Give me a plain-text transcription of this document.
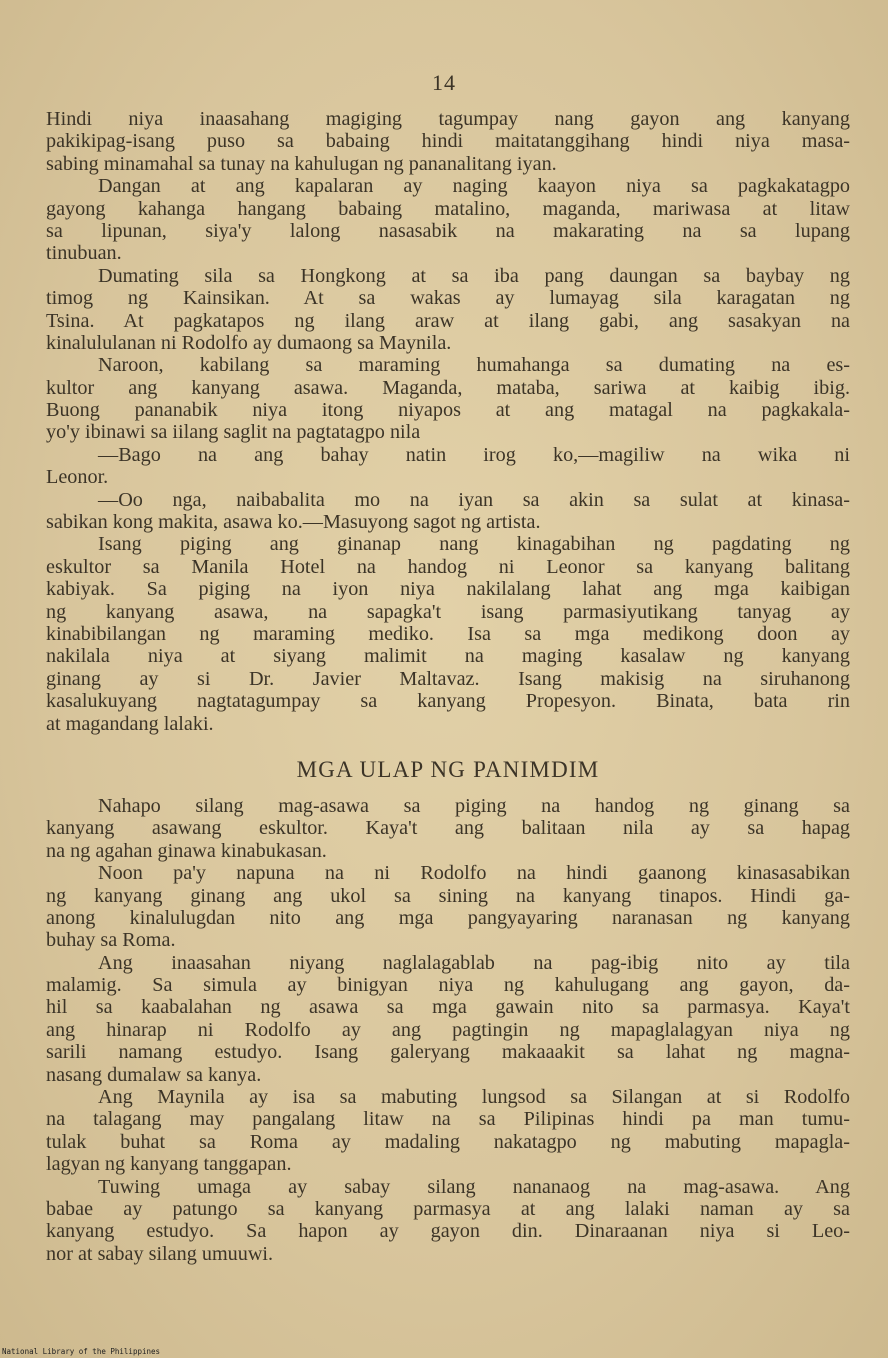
14
Hindi niya inaasahang magiging tagumpay nang gayon ang kanyang
pakikipag-isang puso sa babaing hindi maitatanggihang hindi niya masa-
sabing minamahal sa tunay na kahulugan ng pananalitang iyan.
Dangan at ang kapalaran ay naging kaayon niya sa pagkakatagpo
gayong kahanga hangang babaing matalino, maganda, mariwasa at litaw
sa lipunan, siya'y lalong nasasabik na makarating na sa lupang
tinubuan.
Dumating sila sa Hongkong at sa iba pang daungan sa baybay ng
timog ng Kainsikan. At sa wakas ay lumayag sila karagatan ng
Tsina. At pagkatapos ng ilang araw at ilang gabi, ang sasakyan na
kinalululanan ni Rodolfo ay dumaong sa Maynila.
Naroon, kabilang sa maraming humahanga sa dumating na es-
kultor ang kanyang asawa. Maganda, mataba, sariwa at kaibig ibig.
Buong pananabik niya itong niyapos at ang matagal na pagkakala-
yo'y ibinawi sa iilang saglit na pagtatagpo nila
—Bago na ang bahay natin irog ko,—magiliw na wika ni
Leonor.
—Oo nga, naibabalita mo na iyan sa akin sa sulat at kinasa-
sabikan kong makita, asawa ko.—Masuyong sagot ng artista.
Isang piging ang ginanap nang kinagabihan ng pagdating ng
eskultor sa Manila Hotel na handog ni Leonor sa kanyang balitang
kabiyak. Sa piging na iyon niya nakilalang lahat ang mga kaibigan
ng kanyang asawa, na sapagka't isang parmasiyutikang tanyag ay
kinabibilangan ng maraming mediko. Isa sa mga medikong doon ay
nakilala niya at siyang malimit na maging kasalaw ng kanyang
ginang ay si Dr. Javier Maltavaz. Isang makisig na siruhanong
kasalukuyang nagtatagumpay sa kanyang Propesyon. Binata, bata rin
at magandang lalaki.
MGA ULAP NG PANIMDIM
Nahapo silang mag-asawa sa piging na handog ng ginang sa
kanyang asawang eskultor. Kaya't ang balitaan nila ay sa hapag
na ng agahan ginawa kinabukasan.
Noon pa'y napuna na ni Rodolfo na hindi gaanong kinasasabikan
ng kanyang ginang ang ukol sa sining na kanyang tinapos. Hindi ga-
anong kinalulugdan nito ang mga pangyayaring naranasan ng kanyang
buhay sa Roma.
Ang inaasahan niyang naglalagablab na pag-ibig nito ay tila
malamig. Sa simula ay binigyan niya ng kahulugang ang gayon, da-
hil sa kaabalahan ng asawa sa mga gawain nito sa parmasya. Kaya't
ang hinarap ni Rodolfo ay ang pagtingin ng mapaglalagyan niya ng
sarili namang estudyo. Isang galeryang makaaakit sa lahat ng magna-
nasang dumalaw sa kanya.
Ang Maynila ay isa sa mabuting lungsod sa Silangan at si Rodolfo
na talagang may pangalang litaw na sa Pilipinas hindi pa man tumu-
tulak buhat sa Roma ay madaling nakatagpo ng mabuting mapagla-
lagyan ng kanyang tanggapan.
Tuwing umaga ay sabay silang nananaog na mag-asawa. Ang
babae ay patungo sa kanyang parmasya at ang lalaki naman ay sa
kanyang estudyo. Sa hapon ay gayon din. Dinaraanan niya si Leo-
nor at sabay silang umuuwi.
National Library of the Philippines
